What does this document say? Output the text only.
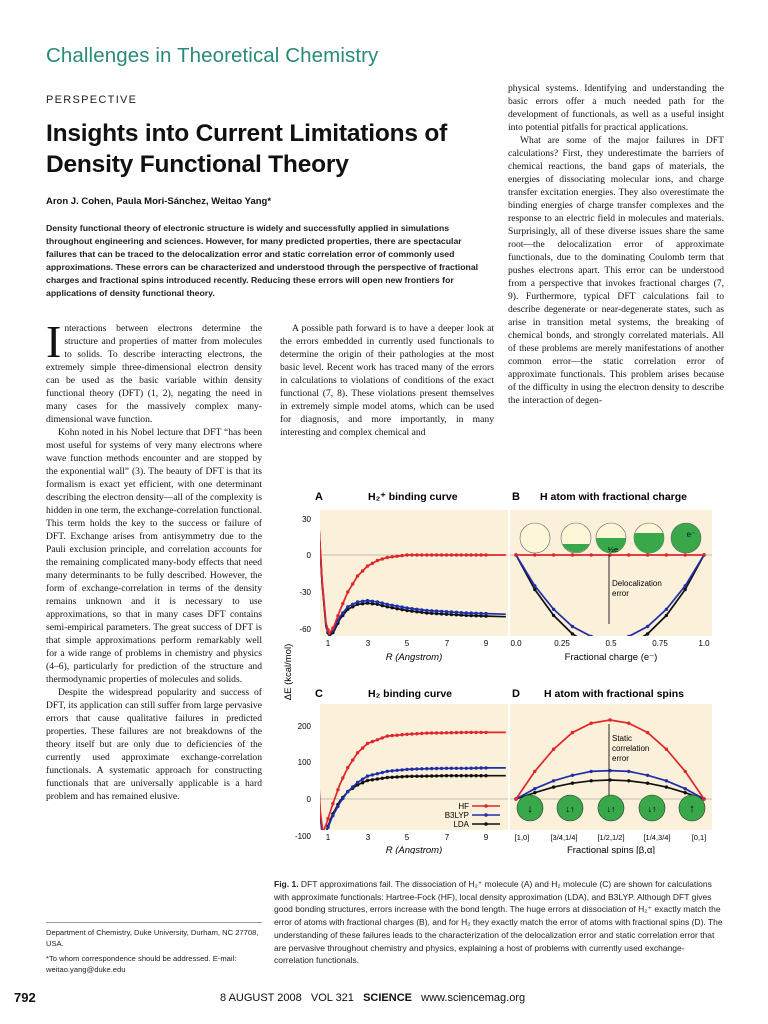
Challenges in Theoretical Chemistry
PERSPECTIVE
Insights into Current Limitations of Density Functional Theory
Aron J. Cohen, Paula Mori-Sánchez, Weitao Yang*

Density functional theory of electronic structure is widely and successfully applied in simulations throughout engineering and sciences. However, for many predicted properties, there are spectacular failures that can be traced to the delocalization error and static correlation error of commonly used approximations. These errors can be characterized and understood through the perspective of fractional charges and fractional spins introduced recently. Reducing these errors will open new frontiers for applications of density functional theory.

Interactions between electrons determine the structure and properties of matter from molecules to solids. To describe interacting electrons, the extremely simple three-dimensional electron density can be used as the basic variable within density functional theory (DFT) (1, 2), negating the need in many cases for the massively complex many-dimensional wave function.

Kohn noted in his Nobel lecture that DFT “has been most useful for systems of very many electrons where wave function methods encounter and are stopped by the exponential wall” (3). The beauty of DFT is that its formalism is exact yet efficient, with one determinant describing the electron density—all of the complexity is hidden in one term, the exchange-correlation functional. This term holds the key to the success or failure of DFT. Exchange arises from antisymmetry due to the Pauli exclusion principle, and correlation accounts for the remaining complicated many-body effects that need many determinants to be fully described. However, the form of exchange-correlation in terms of the density remains unknown and it is necessary to use approximations, so that in many cases DFT contains semi-empirical parameters. The great success of DFT is that simple approximations perform remarkably well for a wide range of problems in chemistry and physics (4–6), particularly for prediction of the structure and thermodynamic properties of molecules and solids.

Despite the widespread popularity and success of DFT, its application can still suffer from large pervasive errors that cause qualitative failures in predicted properties. These failures are not breakdowns of the theory itself but are only due to deficiencies of the currently used approximate exchange-correlation functionals. A systematic approach for constructing functionals that are universally applicable is a hard problem and has remained elusive.

A possible path forward is to have a deeper look at the errors embedded in currently used functionals to determine the origin of their pathologies at the most basic level. Recent work has traced many of the errors in calculations to violations of conditions of the exact functional (7, 8). These violations present themselves in extremely simple model atoms, which can be used for diagnosis, and more importantly, in many interesting and complex chemical and

physical systems. Identifying and understanding the basic errors offer a much needed path for the development of functionals, as well as a useful insight into potential pitfalls for practical applications.

What are some of the major failures in DFT calculations? First, they underestimate the barriers of chemical reactions, the band gaps of materials, the energies of dissociating molecular ions, and charge transfer excitation energies. They also overestimate the binding energies of charge transfer complexes and the response to an electric field in molecules and materials. Surprisingly, all of these diverse issues share the same root—the delocalization error of approximate functionals, due to the dominating Coulomb term that pushes electrons apart. This error can be understood from a perspective that invokes fractional charges (7, 9). Furthermore, typical DFT calculations fail to describe degenerate or near-degenerate states, such as arise in transition metal systems, the breaking of chemical bonds, and strongly correlated materials. All of these problems are merely manifestations of another common error—the static correlation error of approximate functionals. This problem arises because of the difficulty in using the electron density to describe the interaction of degen-

Department of Chemistry, Duke University, Durham, NC 27708, USA.

*To whom correspondence should be addressed. E-mail: weitao.yang@duke.edu

A	H₂⁺ binding curve	B H atom with fractional charge
C	H₂ binding curve	D H atom with fractional spins
ΔE (kcal/mol)
30
0
-30
-60
1	3	5	7	9
R (Angstrom)
0.0	0.25	0.5	0.75	1.0
Fractional charge (e⁻)
200
100
0
-100 1	3	5	7	9
R (Angstrom)
[1,0]	[3/4,1/4]	[1/2,1/2]	[1/4,3/4]	[0,1]
Fractional spins [β,α]
½e
e⁻
Delocalization
error
↓	↓↑	↓↑	↓↑	↑
Static
correlation
error
HF
B3LYP
LDA

Fig. 1. DFT approximations fail. The dissociation of H₂⁺ molecule (A) and H₂ molecule (C) are shown for calculations with approximate functionals: Hartree-Fock (HF), local density approximation (LDA), and B3LYP. Although DFT gives good bonding structures, errors increase with the bond length. The huge errors at dissociation of H₂⁺ exactly match the error of atoms with fractional charges (B), and for H₂ they exactly match the error of atoms with fractional spins (D). The understanding of these failures leads to the characterization of the delocalization error and static correlation error that are pervasive throughout chemistry and physics, explaining a host of problems with currently used exchange-correlation functionals.

792	8 AUGUST 2008 VOL 321 SCIENCE www.sciencemag.org
